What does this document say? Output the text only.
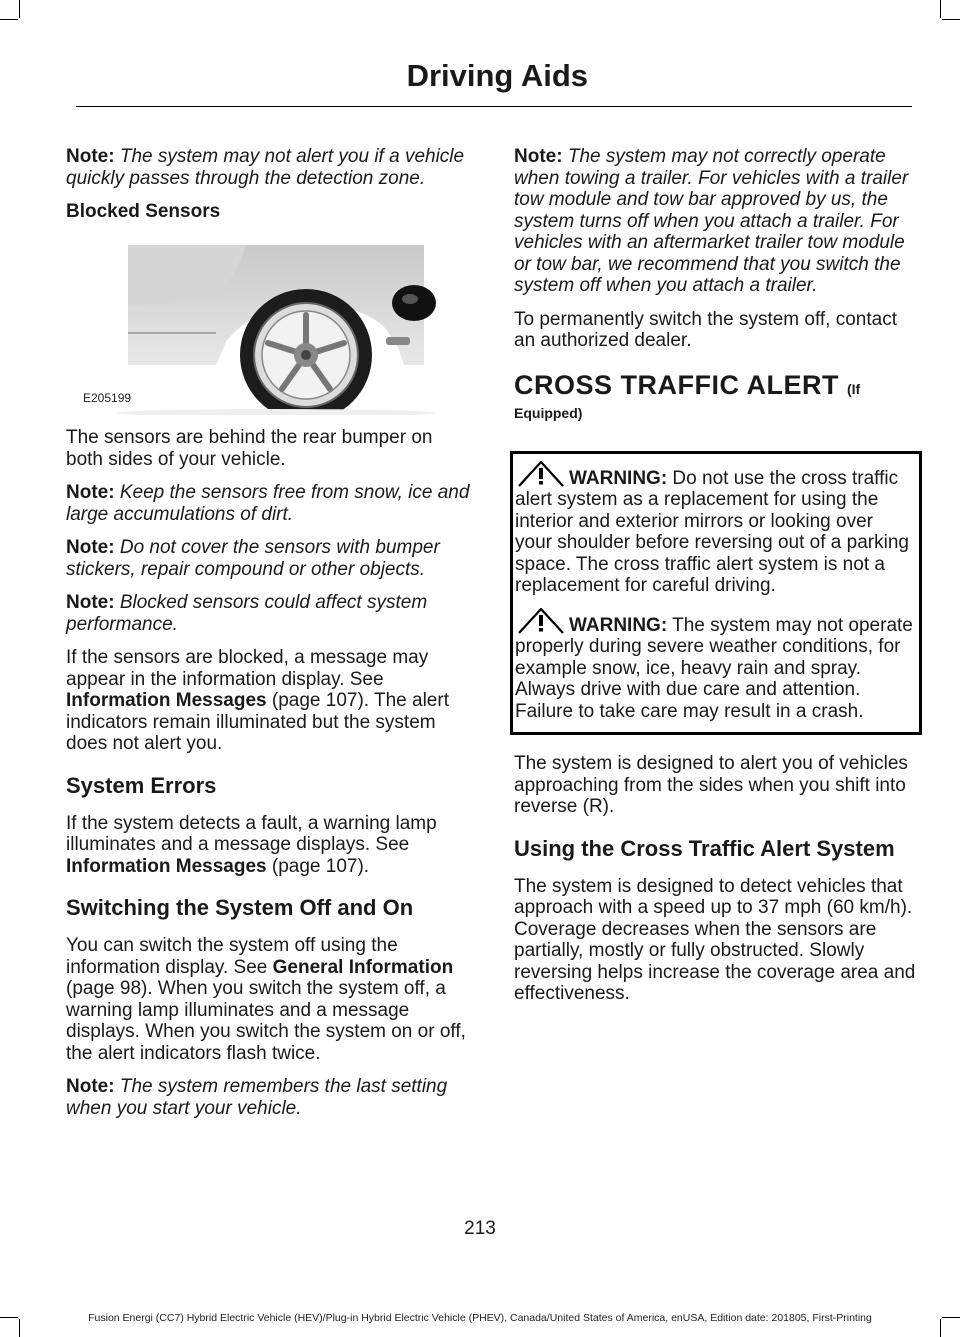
Driving Aids

Note: The system may not alert you if a vehicle quickly passes through the detection zone.

Blocked Sensors
E205199

The sensors are behind the rear bumper on both sides of your vehicle.

Note: Keep the sensors free from snow, ice and large accumulations of dirt.

Note: Do not cover the sensors with bumper stickers, repair compound or other objects.

Note: Blocked sensors could affect system performance.

If the sensors are blocked, a message may appear in the information display. See Information Messages (page 107). The alert indicators remain illuminated but the system does not alert you.

System Errors

If the system detects a fault, a warning lamp illuminates and a message displays. See Information Messages (page 107).

Switching the System Off and On

You can switch the system off using the information display. See General Information (page 98). When you switch the system off, a warning lamp illuminates and a message displays. When you switch the system on or off, the alert indicators flash twice.

Note: The system remembers the last setting when you start your vehicle.

Note: The system may not correctly operate when towing a trailer. For vehicles with a trailer tow module and tow bar approved by us, the system turns off when you attach a trailer. For vehicles with an aftermarket trailer tow module or tow bar, we recommend that you switch the system off when you attach a trailer.

To permanently switch the system off, contact an authorized dealer.

CROSS TRAFFIC ALERT (If
Equipped)

WARNING: Do not use the cross traffic alert system as a replacement for using the interior and exterior mirrors or looking over your shoulder before reversing out of a parking space. The cross traffic alert system is not a replacement for careful driving.

WARNING: The system may not operate properly during severe weather conditions, for example snow, ice, heavy rain and spray. Always drive with due care and attention. Failure to take care may result in a crash.

The system is designed to alert you of vehicles approaching from the sides when you shift into reverse (R).

Using the Cross Traffic Alert System

The system is designed to detect vehicles that approach with a speed up to 37 mph (60 km/h). Coverage decreases when the sensors are partially, mostly or fully obstructed. Slowly reversing helps increase the coverage area and effectiveness.

213
Fusion Energi (CC7) Hybrid Electric Vehicle (HEV)/Plug-in Hybrid Electric Vehicle (PHEV), Canada/United States of America, enUSA, Edition date: 201805, First-Printing
